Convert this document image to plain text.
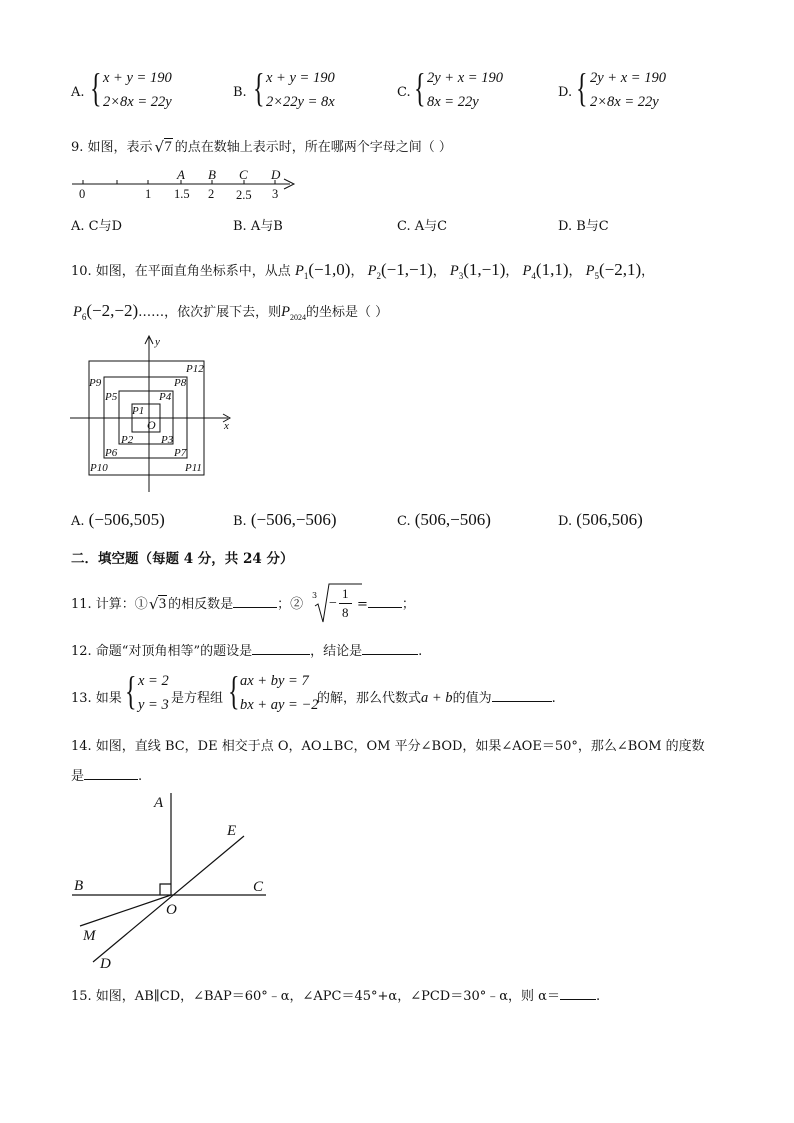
A. { x + y = 190
2×8x = 22y
B. { x + y = 190
2×22y = 8x
C. { 2y + x = 190
8x = 22y
D. { 2y + x = 190
2×8x = 22y
9. 如图，表示 √ 7 的点在数轴上表示时，所在哪两个字母之间（ ）
A B C D
0	1 1.5 2 2.5 3
A. C与D	B. A与B	C. A与C	D. B与C
10. 如图，在平面直角坐标系中，从点 $P_1(-1,0)$， $P_2(-1,-1)$， $P_3(1,-1)$， $P_4(1,1)$， $P_5(-2,1)$，
$P_6(-2,-2)\dots\dots$，依次扩展下去，则$P_{2024}$的坐标是（ ）
y
x
O
P1
P2	P3
P4
P5
P6	P7
P8
P9
P10	P11
P12
A. (−506,505)	B. (−506,−506)	C. (506,−506)	D. (506,506)
二．填空题（每题 4 分，共 24 分）
11. 计算：① √ 3 的相反数是	；②
3
−
1
8
=	；
12. 命题“对顶角相等”的题设是	，结论是	.
13. 如果 { x = 2
y = 3 是方程组 { ax + by = 7
bx + ay = −2
的解，那么代数式a + b的值为	.
14. 如图，直线 BC，DE 相交于点 O，AO⊥BC，OM 平分∠BOD，如果∠AOE＝50°，那么∠BOM 的度数
是	.
A
E
B	C
O
M
D
15. 如图，AB∥CD，∠BAP＝60°﹣α，∠APC＝45°+α，∠PCD＝30°﹣α，则 α＝	.
